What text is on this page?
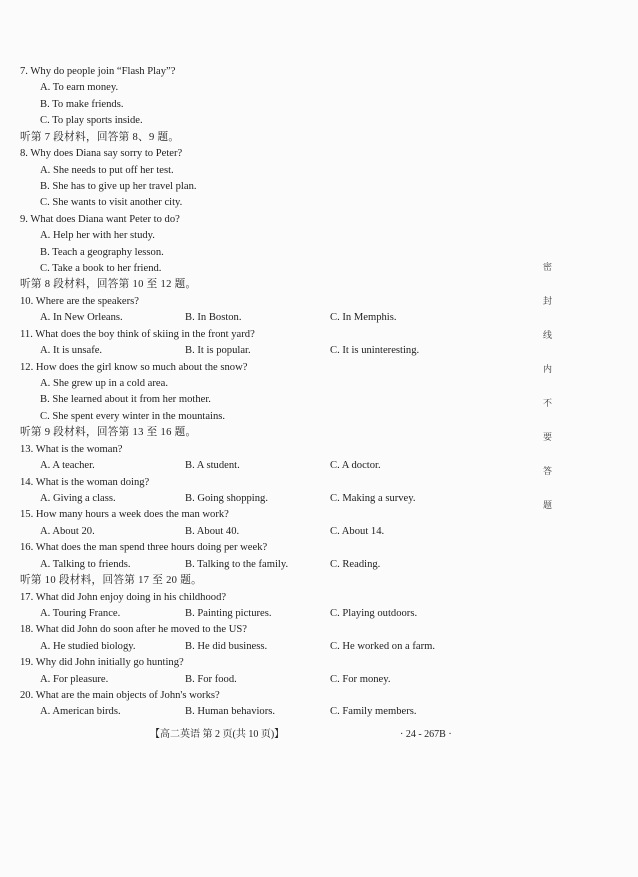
7. Why do people join “Flash Play”?
A. To earn money.
B. To make friends.
C. To play sports inside.
听第 7 段材料，回答第 8、9 题。
8. Why does Diana say sorry to Peter?
A. She needs to put off her test.
B. She has to give up her travel plan.
C. She wants to visit another city.
9. What does Diana want Peter to do?
A. Help her with her study.
B. Teach a geography lesson.
C. Take a book to her friend.
听第 8 段材料，回答第 10 至 12 题。
10. Where are the speakers?
A. In New Orleans.	B. In Boston.	C. In Memphis.
11. What does the boy think of skiing in the front yard?
A. It is unsafe.	B. It is popular.	C. It is uninteresting.
12. How does the girl know so much about the snow?
A. She grew up in a cold area.
B. She learned about it from her mother.
C. She spent every winter in the mountains.
听第 9 段材料，回答第 13 至 16 题。
13. What is the woman?
A. A teacher.	B. A student.	C. A doctor.
14. What is the woman doing?
A. Giving a class.	B. Going shopping.	C. Making a survey.
15. How many hours a week does the man work?
A. About 20.	B. About 40.	C. About 14.
16. What does the man spend three hours doing per week?
A. Talking to friends.	B. Talking to the family.	C. Reading.
听第 10 段材料，回答第 17 至 20 题。
17. What did John enjoy doing in his childhood?
A. Touring France.	B. Painting pictures.	C. Playing outdoors.
18. What did John do soon after he moved to the US?
A. He studied biology.	B. He did business.	C. He worked on a farm.
19. Why did John initially go hunting?
A. For pleasure.	B. For food.	C. For money.
20. What are the main objects of John's works?
A. American birds.	B. Human behaviors.	C. Family members.
【高二英语 第 2 页(共 10 页)】	· 24 - 267B ·
密封线内不要答题
